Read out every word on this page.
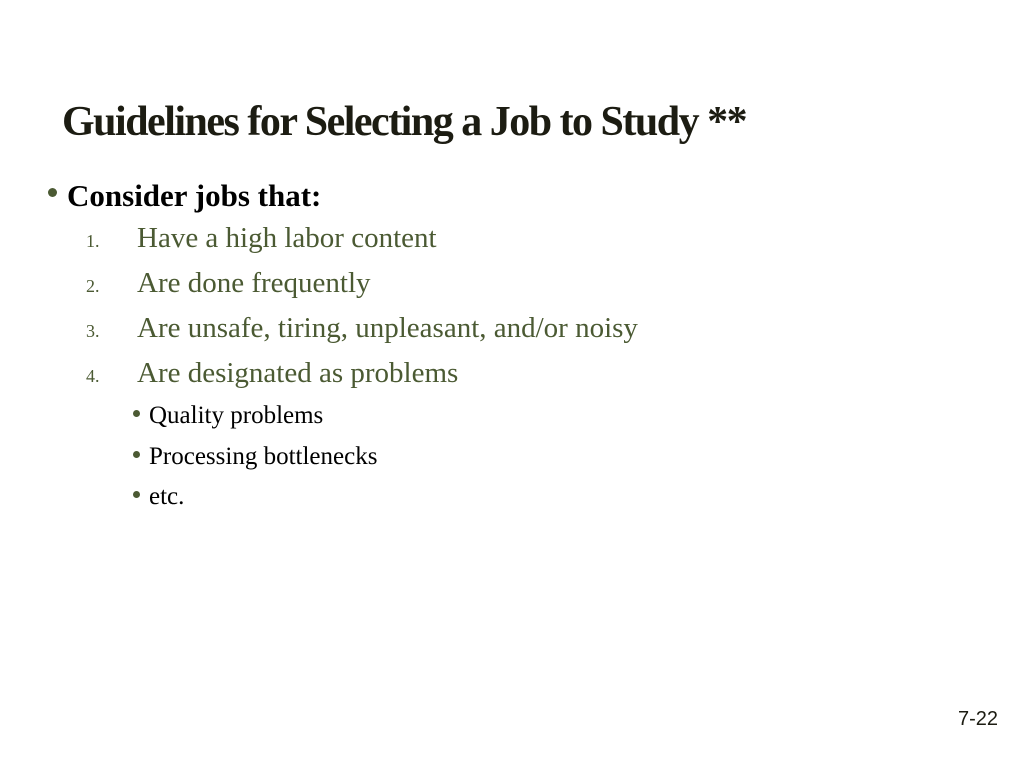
Guidelines for Selecting a Job to Study **
Consider jobs that:
1.	Have a high labor content
2.	Are done frequently
3.	Are unsafe, tiring, unpleasant, and/or noisy
4.	Are designated as problems
Quality problems
Processing bottlenecks
etc.
7-22
